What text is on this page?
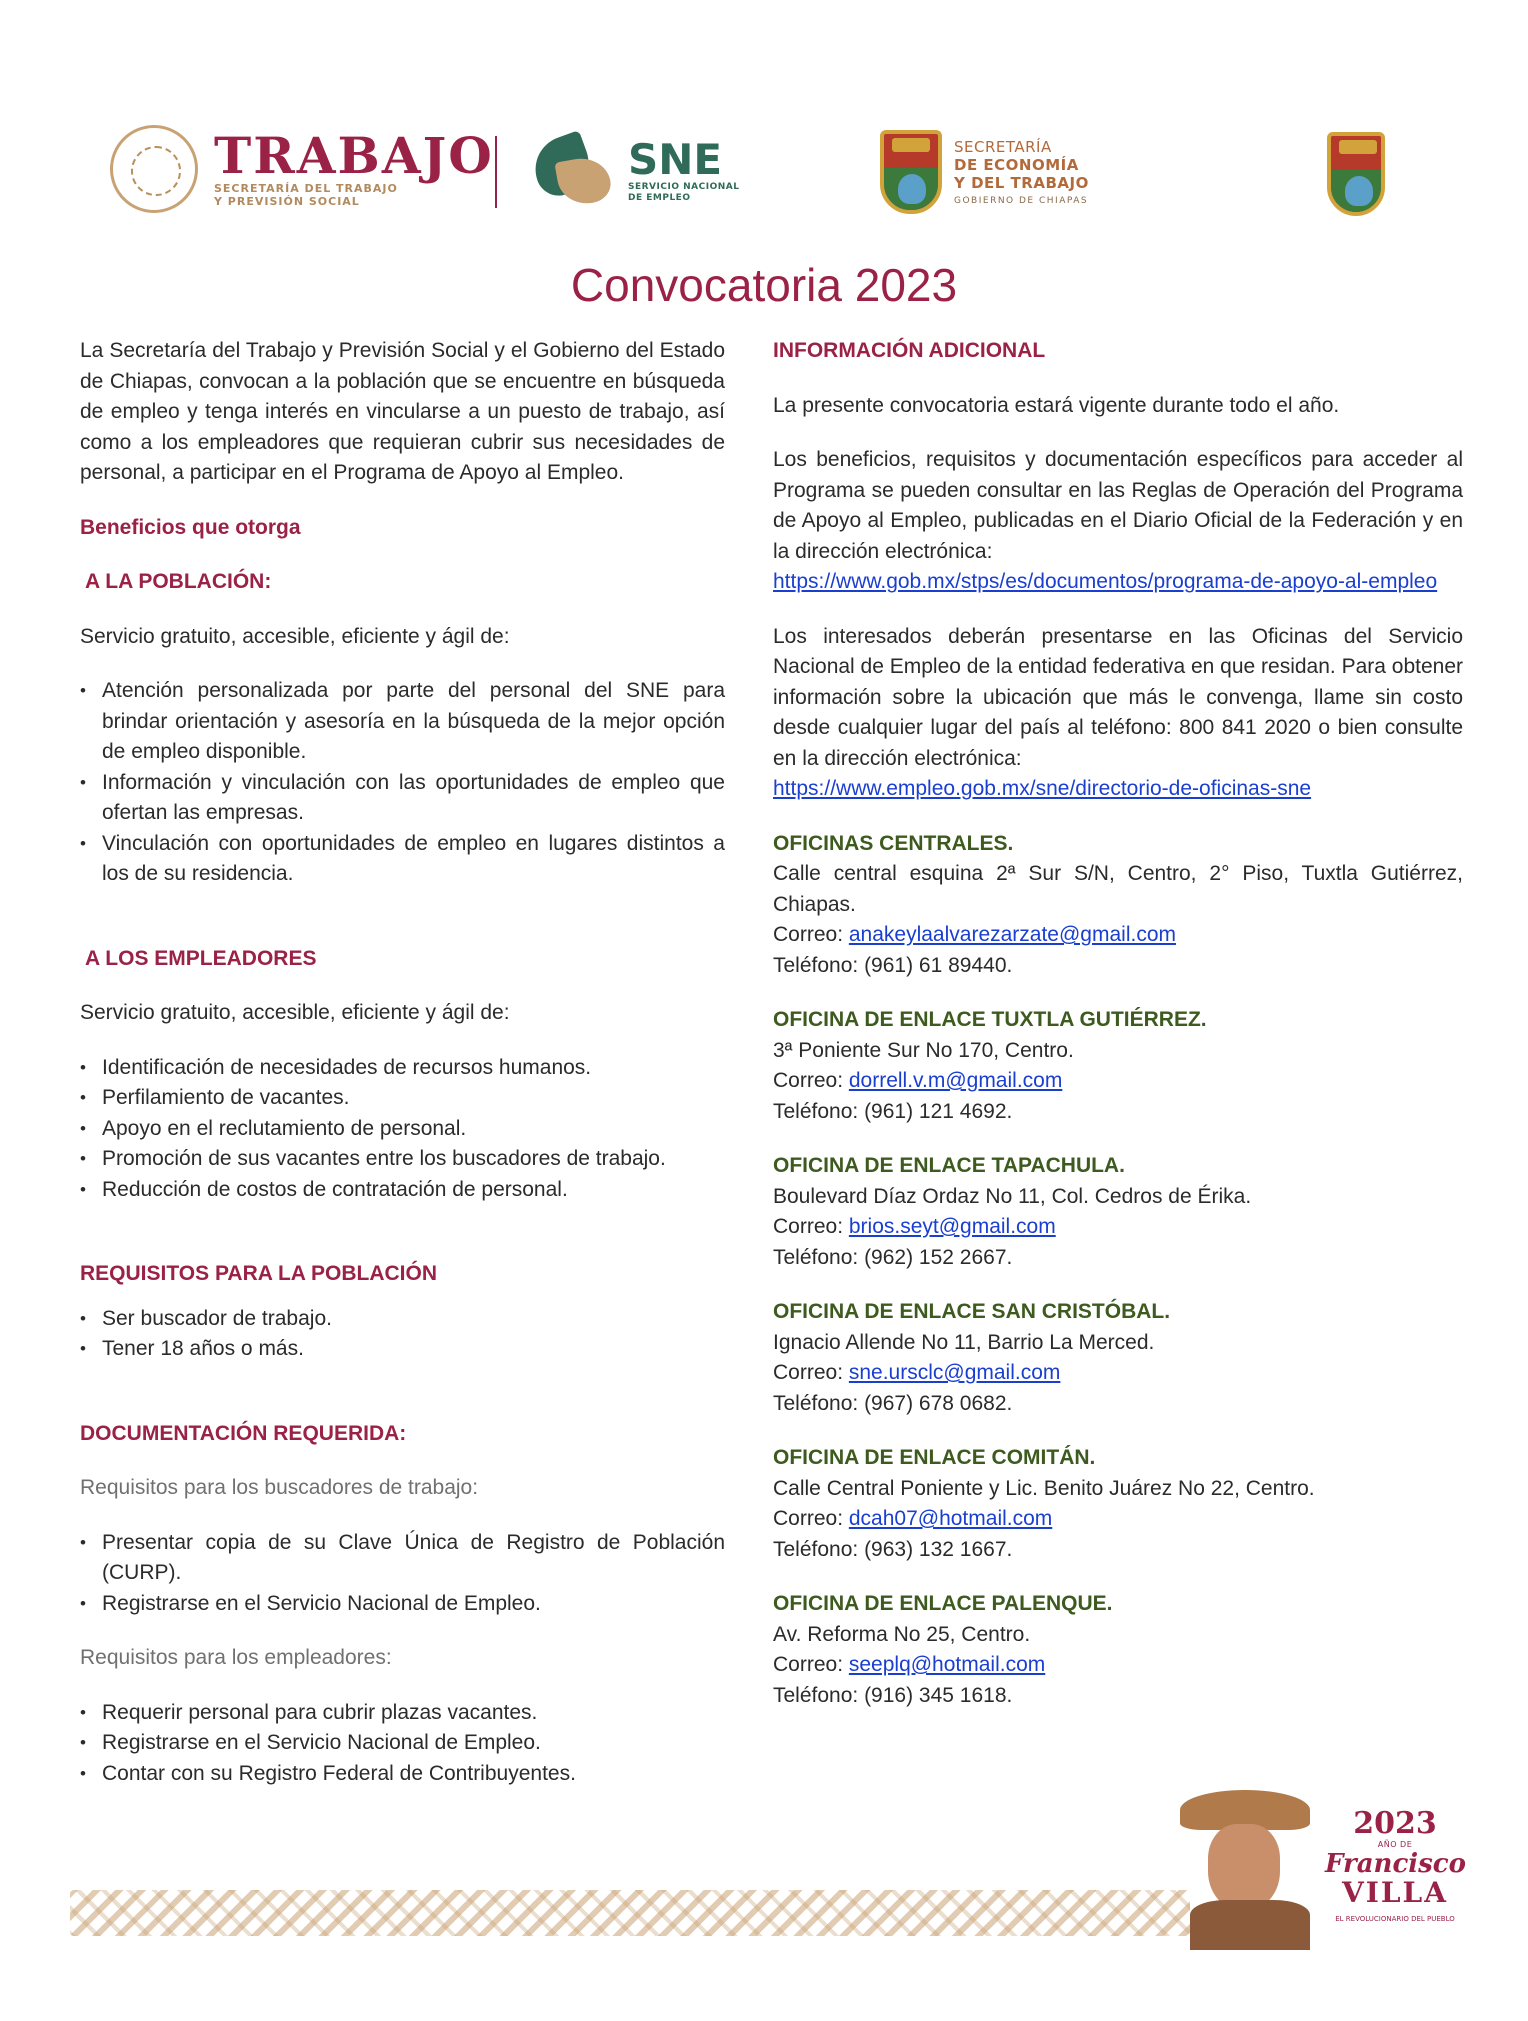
TRABAJO
SECRETARÍA DEL TRABAJO
Y PREVISIÓN SOCIAL
SNE
SERVICIO NACIONAL
DE EMPLEO
SECRETARÍA
DE ECONOMÍA
Y DEL TRABAJO
GOBIERNO DE CHIAPAS
Convocatoria 2023

La Secretaría del Trabajo y Previsión Social y el Gobierno del Estado de Chiapas, convocan a la población que se encuentre en búsqueda de empleo y tenga interés en vincularse a un puesto de trabajo, así como a los empleadores que requieran cubrir sus necesidades de personal, a participar en el Programa de Apoyo al Empleo.

Beneficios que otorga
A LA POBLACIÓN:

Servicio gratuito, accesible, eficiente y ágil de:

• Atención personalizada por parte del personal del SNE para brindar orientación y asesoría en la búsqueda de la mejor opción de empleo disponible.
• Información y vinculación con las oportunidades de empleo que ofertan las empresas.
• Vinculación con oportunidades de empleo en lugares distintos a los de su residencia.
A LOS EMPLEADORES

Servicio gratuito, accesible, eficiente y ágil de:

• Identificación de necesidades de recursos humanos.
• Perfilamiento de vacantes.
• Apoyo en el reclutamiento de personal.
• Promoción de sus vacantes entre los buscadores de trabajo.
• Reducción de costos de contratación de personal.
REQUISITOS PARA LA POBLACIÓN
• Ser buscador de trabajo.
• Tener 18 años o más.
DOCUMENTACIÓN REQUERIDA:

Requisitos para los buscadores de trabajo:

• Presentar copia de su Clave Única de Registro de Población (CURP).
• Registrarse en el Servicio Nacional de Empleo.

Requisitos para los empleadores:

• Requerir personal para cubrir plazas vacantes.
• Registrarse en el Servicio Nacional de Empleo.
• Contar con su Registro Federal de Contribuyentes.
INFORMACIÓN ADICIONAL

La presente convocatoria estará vigente durante todo el año.

Los beneficios, requisitos y documentación específicos para acceder al Programa se pueden consultar en las Reglas de Operación del Programa de Apoyo al Empleo, publicadas en el Diario Oficial de la Federación y en la dirección electrónica:

https://www.gob.mx/stps/es/documentos/programa-de-apoyo-al-empleo

Los interesados deberán presentarse en las Oficinas del Servicio Nacional de Empleo de la entidad federativa en que residan. Para obtener información sobre la ubicación que más le convenga, llame sin costo desde cualquier lugar del país al teléfono: 800 841 2020 o bien consulte en la dirección electrónica:

https://www.empleo.gob.mx/sne/directorio-de-oficinas-sne

OFICINAS CENTRALES.

Calle central esquina 2ª Sur S/N, Centro, 2° Piso, Tuxtla Gutiérrez, Chiapas.

Correo: anakeylaalvarezarzate@gmail.com

Teléfono: (961) 61 89440.

OFICINA DE ENLACE TUXTLA GUTIÉRREZ.

3ª Poniente Sur No 170, Centro.

Correo: dorrell.v.m@gmail.com

Teléfono: (961) 121 4692.

OFICINA DE ENLACE TAPACHULA.

Boulevard Díaz Ordaz No 11, Col. Cedros de Érika.

Correo: brios.seyt@gmail.com

Teléfono: (962) 152 2667.

OFICINA DE ENLACE SAN CRISTÓBAL.

Ignacio Allende No 11, Barrio La Merced.

Correo: sne.ursclc@gmail.com

Teléfono: (967) 678 0682.

OFICINA DE ENLACE COMITÁN.

Calle Central Poniente y Lic. Benito Juárez No 22, Centro.

Correo: dcah07@hotmail.com

Teléfono: (963) 132 1667.

OFICINA DE ENLACE PALENQUE.

Av. Reforma No 25, Centro.

Correo: seeplq@hotmail.com

Teléfono: (916) 345 1618.

2023
AÑO DE
Francisco
VILLA
EL REVOLUCIONARIO DEL PUEBLO
